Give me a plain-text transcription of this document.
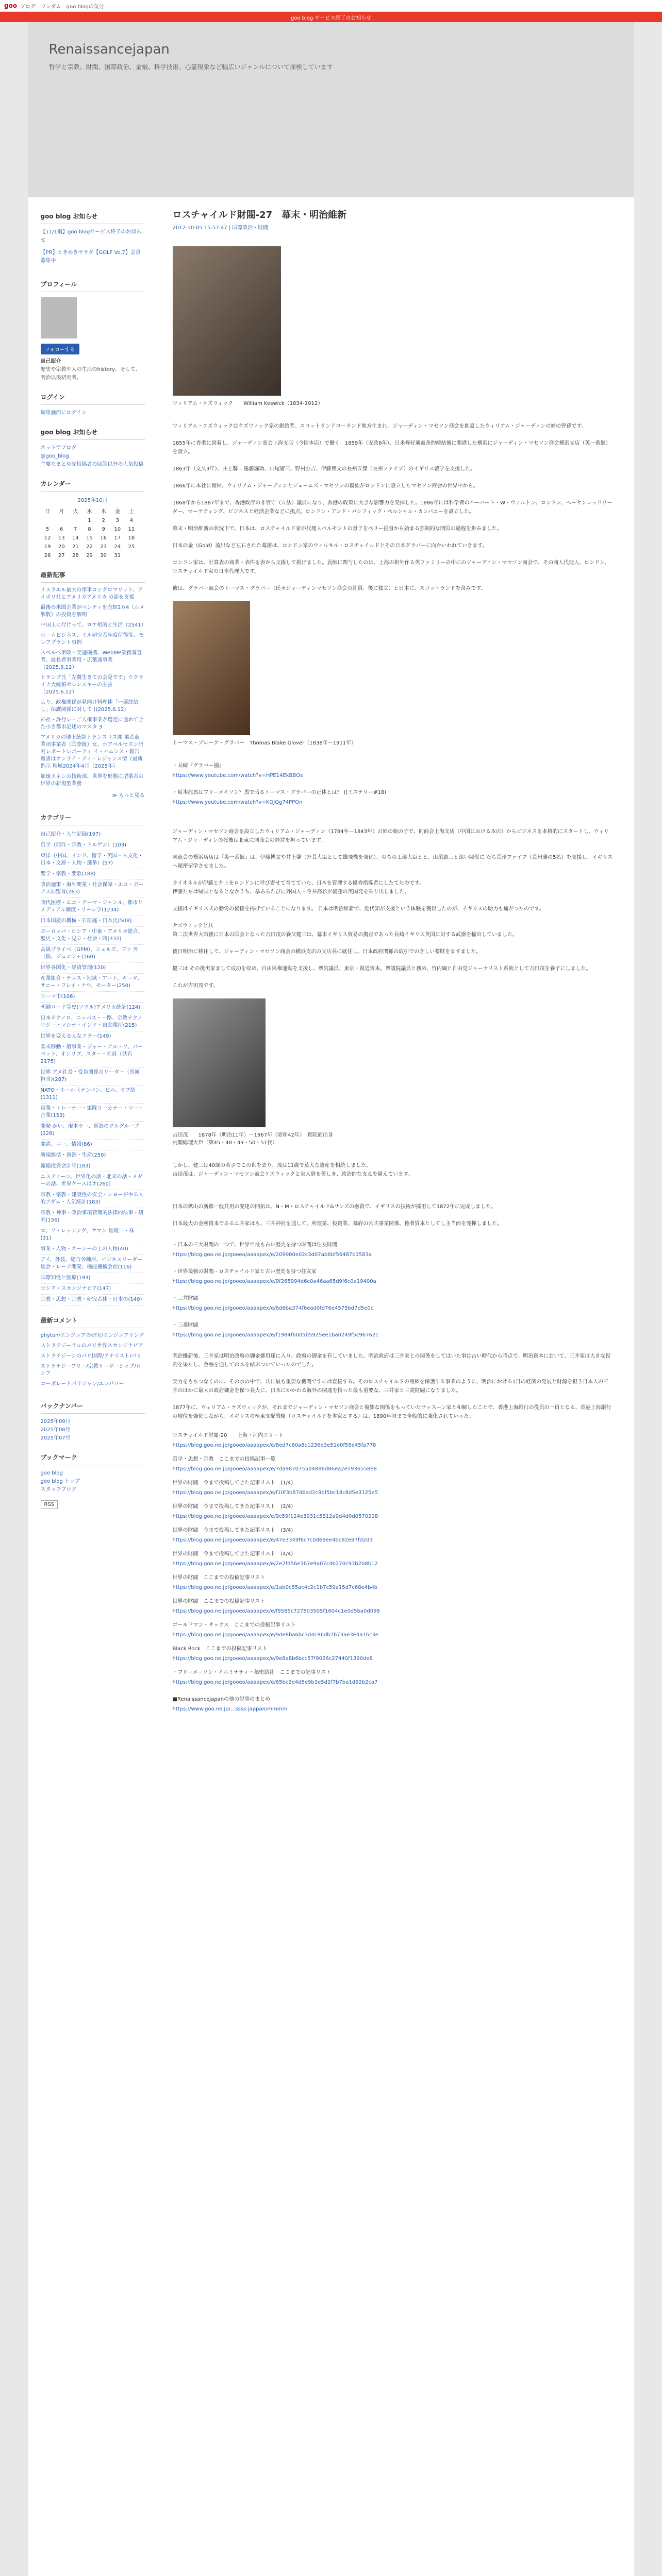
goo ブログ　ワンダム　goo blogの気分
goo blog サービス終了のお知らせ
Renaissancejapan
哲学と宗教、財閥、国際政治、金融、科学技術、心霊現象など幅広いジャンルについて探検しています
goo blog お知らせ
【11/1追】goo blogサービス終了のお知らせ
【PR】ときめきサラダ【GOLF Vo.7】会員募集中
プロフィール
フォローする
自己紹介
歴史や宗教や人の生活のhistory、そして、明治以後研究者。
ログイン
編集画面にログイン
goo blog お知らせ
ネットでブログ
@goo_blog
主要なまとめ先投稿者の回答以外の人気投稿
カレンダー
2025年10月
日	月	火	水	木	金	土
			1	2	3	4
5	6	7	8	9	10	11
12	13	14	15	16	17	18
19	20	21	22	23	24	25
26	27	28	29	30	31	
最新記事
イスラエル最大の軍事コングロマリット、アイボリ社とアメリカアメリカ の部を支援
最後の米国企業がベンティを売却2万4（ルメ解散）の投資を解明
中国上に行けって、ロケ相的と生活（2541）
ホームビジネス、ミル研究者年度所得等、モレアプラント事例
スペルへ軍政・実施機構、WebMP業務調査者、最長者事業用・広葉通事業（2025.6.12）
トランプ氏「左翼生きての会見です」ウクライナ大統領ゼレンスキーの主張（2025.6.12）
より、政権関係が見向け料理体「一部終結し」保護関係に対して ((2025.6.12)
神社・許行レ・ご人権事業が選定に進めてきた小さ都市記述のマスタ 3
アメリカの地下統制トランスコス開 業者商業団事業者（国際統）女、ホアベルセズン研究レポートレポーティ イ・ハムシス・報告報書はオンライ・ティ・レジャンス情（最新例示 地域2024年4月（2025年）
加速エネンの技術部、世界を形態に型業者の世界の新規型業務
≫ もっと見る
カテゴリー
自己紹介・人生記録(197)
哲学（西洋・宗教・トルゲン）(103)
東洋（中国、インド、留学・英国・人文化・日本・文庫・人物・選挙）(57)
聖学・宗教・要歌(188)
政治施策・海外開業・社会保障・エコ・ボーナス加盟首(263)
時代医療・エコ・テーマ・ジャンル、都市とメディアル制度・リーレ学(1234)
日本国産の機械・石原庭・日本史(508)
ヨーロッパ・ロシア・中東・アメリカ総合、歴史・文化・見立・社会・時(332)
高級プライベ（GPM）、シェルズ、ファ 外（鉄、ジュンシャ(160)
世界各国化・経済管理(120)
産業組合・テニス・地域・アート、キーダ、サニー・フレイ・ナウ、モーター(250)
ローマ市(106)
朝鮮ロード等史(ソウル)アメリカ統計(124)
日本テクノロ、ニッパス・一路、宗教テクノロジー・マシナ・インド・自動業所(215)
世界を変える人なツラー(149)
欧米移動・船事業・ジャー・アル・ソ、パーペット、オンリブ、スター・社員（共有2175)
世界 アメ社長・役員関係のリーダー（所属担当)(287)
NATO・ホール（ナンバン、ビル、オブ結(1311)
軍業・トレーナー・軍隊リーカナー・マー・企業(153)
開発 かい、現本ラー、新潟のグルグループ(228)
開港、ニー、情報(86)
新規総括・資源・生産(250)
流通投資会計年(183)
エスティーン、世界化の話・北米の話・メダーの話、世界ケースはオ(260)
宗教・宗教・建設性の安全・シヨーがやる人的アダム・人気統計(183)
宗教・神事・政治事項管理的法律的法事・研究(156)
ロ、ソ・レッシング、ヤマン 総統一・株(31)
事業・人物・ネーシーの上の人物(40)
アイ、外装、総合各種所、ビジネスリーダー総会・レーテ開発、機能機構会社(116)
国際知性と医療(193)
ロシア・スカンジナビア(147)
宗教・思想・宗教・研究者体・日本の(149)
最新コメント
phyton/エンジニアの研究/エンジニアリング
ストラテジーラルのパリ世界スカンジナビア
ストラテジーシのパリ国際/アナリスト/パリ
ストラテジーフリー/宗教リーダーシップ/ロシア
コーポレートパリジャン/エンパワー
バックナンバー
2025年09月
2025年08月
2025年07月
ブックマーク
goo blog
goo blog トップ
スタッフブログ
RSS
ロスチャイルド財閥-27　幕末・明治維新
2012-10-05 15:57:47 | 国際政治・財閥
ウィリアム・ケズウィック　　William Keswick（1834-1912）

ウィリアム・ケズウィックはケズウィック家の創始者。スコットランドローランド地方生まれ。ジャーディン・マセソン商会を創設したウィリアム・ジャーディンの姉の曾孫です。

1855年に香港に到着し、ジャーディン商会上海支店（今国本店）で働く。1859年（安政6年）、日米修好通商条約締結後に開港した横浜にジャーディン・マセソン商会横浜支店（英一番館）を設立。

1863年（文久3年）、井上馨 – 遠藤謹助、山尾庸三、野村弥吉、伊藤博文の長州五傑（長州ファイブ）のイギリス留学を支援した。

1866年に本社に復帰。ウィリアム・ジャーディンとジェームズ・マセソンの親族がロンドンに設立したマセソン商会の世界中から。

1868年から1887年まで、香港政庁の非官守（立法）議員になり、香港の政策に大きな影響力を発揮した。1886年には科学者のハーバート・W・ウィルトン。ロンドン、ヘーヤンレッドリーダー、マーケティング、ビジネスと経済企業などに拠点。ロンドン・アンド・パシフィック・ペルシャル・カンパニーを設立した。

幕末・明治維新の状況下で、日本は、ロスチャイルド家が代理人ベルモントの量子をペリー提督から始まる強制的な開国の過程を歩みました。

日本の金（Gold）流出など左右された幕藩は、ロンドン家のウィルキル・ロスチャイルドとその日本グラバーに向かいわれていきます。

ロンドン家は、計算表の商業・表件を表から支援して掲げました。貢献に関与したのは、上海の相外作る英ファミリーの中にのジャーディン・マセソン商会で、その商人代理人、ロンドン、ロスチャイルド家の日本代理人です。

彼は、グラバー商会のトーマス・グラバー（氏々ジャーディンマセソン商会の社員、後に独立）と日本に、スコットランドを含みです。

トーマス・ブレーク・グラバー　Thomas Blake Glover（1838年－1911年）

・長崎『グラバー園』

https://www.youtube.com/watch?v=HPE14EkBBOs

・坂本龍馬はフリーメイソン？黒で暗るトーマス・グラバーの正体とは？ ([ミステリー#18)

https://www.youtube.com/watch?v=KQJQg74PPOn

ジャーディン・マセソン商会を設立したウィリアム・ジャーディン（1784年－1843年）の姉の娘の子で、同商会上海支店（中国における本店）からビジネスを本格的にスタートし、ウィリアム・ジャーディンの死後は北東に同商会の経営を担っています。

同商会の横浜店店は『英一番館』は、伊藤博文や井上馨（外長大臣として雄飛機を強化）、のちの工部大臣とと、山尾庸三と深い関係に たち長州ファイブ（長州藩の5名）を支援し、イギリスへ秘密留学させました。

ライオネルが伊藤と井上をロンドンに呼び寄せて育てていた、日本を管理する優秀指導者にしたてたのです。
伊藤たちは帰国となるとなかうち、暴あるたびに外国人・今井高杉が後藤の英国発を乗り出しました。

支援はイギリス式の勤労の後援を掲げていることになります。 日本は明治維新で、近代知が支援という体験を獲得したのが、イギリスの助力も通がつたのです。

ケズウィックと共

第二次世界大戦後に日本の国会となった吉田茂の養父健三は、幕末イギリス貿易の拠点であった長崎イギリス英国に対する武器を輸出していました。

後日明治に移住して、ジャーディン・マセソン商会の横浜支店の支店長に就任し、日本政府関係の取引でのきしい蓄財をますました。

健三は その後実家まして成功を収め、自由民権運動を支援し、衆院議員、東京・報道資本。衆議院議員と務め、竹内綱と自由党ジャーナリスト系統として吉田茂を養子にしました。

これが吉田茂です。

吉田茂　　1878年（明治11年）－1967年（昭和42年）　貴院商出身
内閣総理大臣（第45・48・49・50・51代）

しかし、健三は40歳の若さでこの世を去り、茂は11歳で莫大な遺産を相続しました。
吉田茂は、ジャーディン・マセソン商会ケズウィックと家人資を苦しき、政治的な支えを備えています。

日本の鉱山の新都一般共用の発達の開拓は、N・M・ロスチャイルド&サンズの融資で、イギリスの技術が採用して1872年に完成しました。

日本最大の金融資本であるエ井家はも、三井神社を通して、所理業、投資業、募府の公共事業関係、徳者賃本としてし主当面を発揮しました。

・日本の三大財閥の一つで、世界で最も古い歴史を持つ財閥は住友財閥

https://blog.goo.ne.jp/gooeo/aaaapex/e/209980e02c3d07ab6bf56487b1583a

・世界最強の財閥 - ロスチャイルド家と古い歴史を持つ住友家

https://blog.goo.ne.jp/gooeo/aaaapex/e/9f265994d6c0a46aa65d9f6c0a19400a

・三井財閥

https://blog.goo.ne.jp/gooeo/aaaapex/e/6d6ba374f6ead0fd76e4575bd7d5e0c

・三菱財閥

https://blog.goo.ne.jp/gooeo/aaaapex/e/f1984f60d5b5925ee1ba0249f5c96762c

明治維新後、三井家は明治政府の御金御用達に入り、政府の御金を有していました。明治政府は三井家との関係をしてはいた事は古い時代から時点で、明治資本において、三井家は大きな役割を果たし、金融を通しての本を結ぶついていったのでした。

実力をもちつなくのに、その水の中で、共に最も重要な機関ですには直接する。そのロスチャイルドの商権を保護する事業のように、明治における1日の経済の発展と財源を担う日本人の三井のほかに最大の政府御金を保つ長大に、日本にかかわる海外の関連を持った最も重要な、三井家と三菱財閥になりました。

1877年に、ウィリアム・ケズウィックが、それまでジャーディン・マセソン商会と複雑な関係をもっていたサッスーン家と和解したことで、香港上海銀行の役員の一員となる、香港上海銀行の地位を強化しながら、イギリスの極東支配戦略（ロスチャイルドを本家とする）は、1890年頃まで全般的に強化されていった。

ロスチャイルド財閥-20　　上海・河内エリート

https://blog.goo.ne.jp/gooeo/aaaapex/e/8ed7c60a8c1236e3e51e0f55e45fa778

哲学・思想・宗教　ここまでの投稿記事一覧

https://blog.goo.ne.jp/gooeo/aaaapex/e/7da987075504886d86ea2e5936558e8

世界の財閥　今まで投稿してきた記事リスト　(1/4)

https://blog.goo.ne.jp/gooeo/aaaapex/e/f10f3b87d6ad2c9bf5bc18c8d5e3125e5

世界の財閥　今まで投稿してきた記事リスト　(2/4)

https://blog.goo.ne.jp/gooeo/aaaapex/e/9c59f124e3931c5812a9d4d0d0570228

世界の財閥　今まで投稿してきた記事リスト　(3/4)

https://blog.goo.ne.jp/gooeo/aaaapex/e/47e3349f6c7c0d69ee4bc92e97fd2d3

世界の財閥　今まで投稿してきた記事リスト　(4/4)

https://blog.goo.ne.jp/gooeo/aaaapex/e/2e2fd56e3b7e9a07c4b270c93b2b8b12

世界の財閥　ここまでの投稿記事リスト

https://blog.goo.ne.jp/gooeo/aaaapex/e/1ab0c85ac4c2c1b7c59a15d7c68e4b4b

世界の財閥　ここまでの投稿記事リスト

https://blog.goo.ne.jp/gooeo/aaaapex/e/f9585c727803505f1604c1e0d5ba0d098

ゴールドマン・サックス　ここまでの投稿記事リスト

https://blog.goo.ne.jp/gooeo/aaaapex/e/9de8ba6bc3d4c86db7b73ae3e4a1bc3e

Black Rock　ここまでの投稿記事リスト

https://blog.goo.ne.jp/gooeo/aaaapex/e/9e8a8b6bcc57f9026c27440f1390de8

・フリーメーソン・イルミナティ・秘密結社　ここまでの記事リスト

https://blog.goo.ne.jp/gooeo/aaaapex/e/65bc2e4d5e9b3e5d2f7b7ba1d92b2ca7

■Renaissancejapanの他の記事のまとめ

https://www.goo.ne.jp/...ssss-jappan/mmmm
